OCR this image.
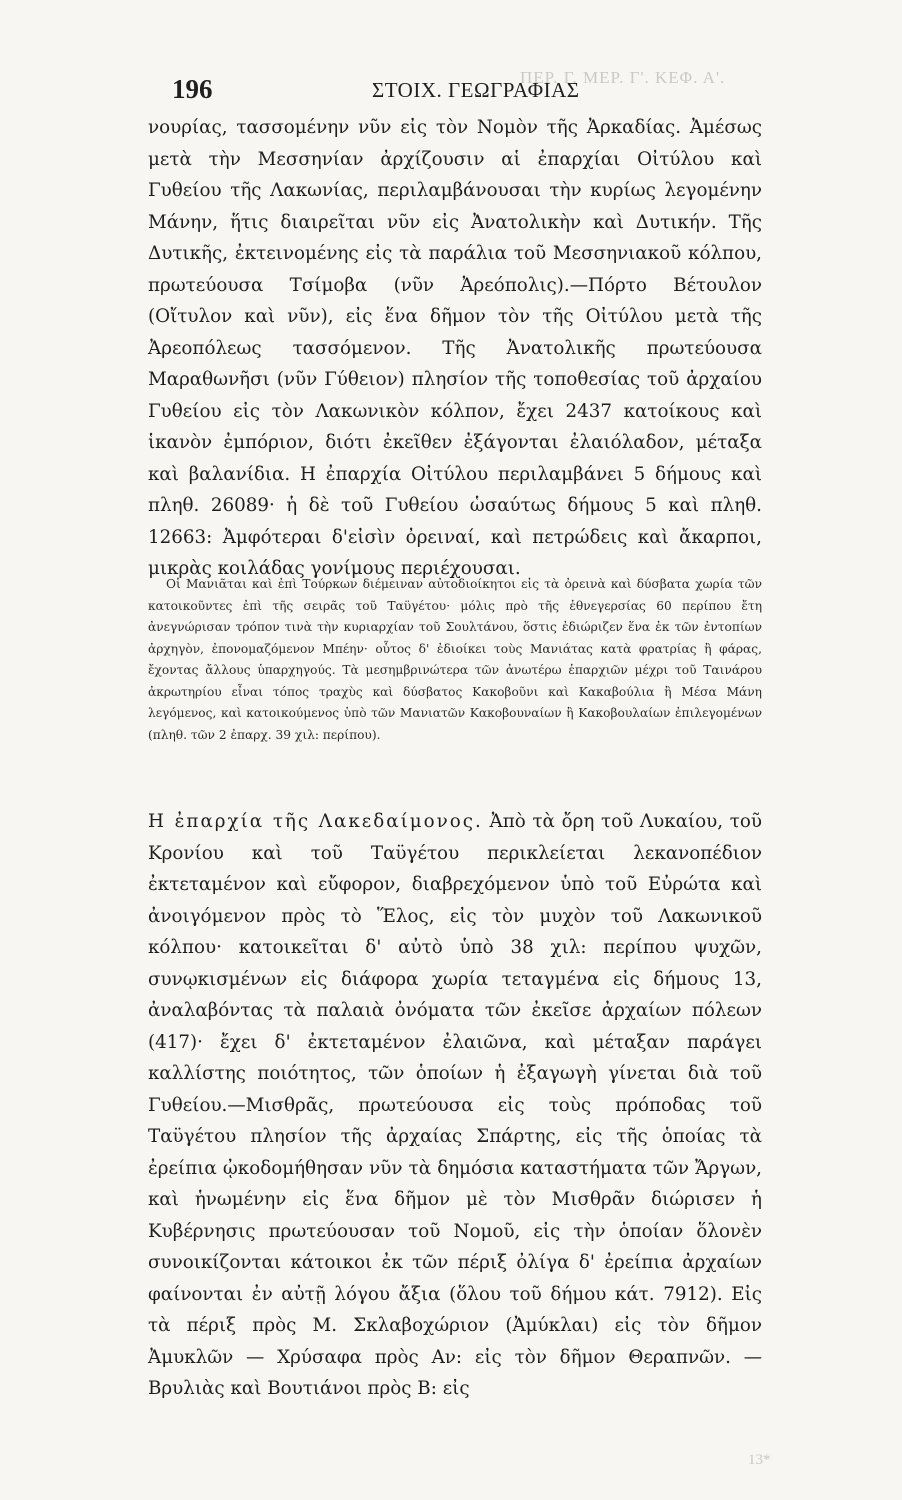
ΠΕΡ. Γ. ΜΕΡ. Γ'. ΚΕΦ. Α'.
196	ΣΤΟΙΧ. ΓΕΩΓΡΑΦΙΑΣ

νουρίας, τασσομένην νῦν εἰς τὸν Νομὸν τῆς Ἀρκαδίας. Ἀμέσως μετὰ τὴν Μεσσηνίαν ἀρχίζουσιν αἱ ἐπαρχίαι Οἰτύλου καὶ Γυθείου τῆς Λακωνίας, περιλαμβάνουσαι τὴν κυρίως λεγομένην Μάνην, ἥτις διαιρεῖται νῦν εἰς Ἀνατολικὴν καὶ Δυτικήν. Τῆς Δυτικῆς, ἐκτεινομένης εἰς τὰ παράλια τοῦ Μεσσηνιακοῦ κόλπου, πρωτεύουσα Τσίμοβα (νῦν Ἀρεόπολις).—Πόρτο Βέτουλον (Οἴτυλον καὶ νῦν), εἰς ἕνα δῆμον τὸν τῆς Οἰτύλου μετὰ τῆς Ἀρεοπόλεως τασσόμενον. Τῆς Ἀνατολικῆς πρωτεύουσα Μαραθωνῆσι (νῦν Γύθειον) πλησίον τῆς τοποθεσίας τοῦ ἀρχαίου Γυθείου εἰς τὸν Λακωνικὸν κόλπον, ἔχει 2437 κατοίκους καὶ ἱκανὸν ἐμπόριον, διότι ἐκεῖθεν ἐξάγονται ἐλαιόλαδον, μέταξα καὶ βαλανίδια. Η ἐπαρχία Οἰτύλου περιλαμβάνει 5 δήμους καὶ πληθ. 26089· ἡ δὲ τοῦ Γυθείου ὡσαύτως δήμους 5 καὶ πληθ. 12663: Ἀμφότεραι δ'εἰσὶν ὀρειναί, καὶ πετρώδεις καὶ ἄκαρποι, μικρὰς κοιλάδας γονίμους περιέχουσαι.

Οἱ Μανιᾶται καὶ ἐπὶ Τούρκων διέμειναν αὐτοδιοίκητοι εἰς τὰ ὀρεινὰ καὶ δύσβατα χωρία τῶν κατοικοῦντες ἐπὶ τῆς σειρᾶς τοῦ Ταϋγέτου· μόλις πρὸ τῆς ἐθνεγερσίας 60 περίπου ἔτη ἀνεγνώρισαν τρόπον τινὰ τὴν κυριαρχίαν τοῦ Σουλτάνου, ὅστις ἐδιώριζεν ἕνα ἐκ τῶν ἐντοπίων ἀρχηγὸν, ἐπονομαζόμενον Μπέην· οὗτος δ' ἐδιοίκει τοὺς Μανιάτας κατὰ φρατρίας ἢ φάρας, ἔχοντας ἄλλους ὑπαρχηγούς. Τὰ μεσημβρινώτερα τῶν ἀνωτέρω ἐπαρχιῶν μέχρι τοῦ Ταινάρου ἀκρωτηρίου εἶναι τόπος τραχὺς καὶ δύσβατος Κακοβοῦνι καὶ Κακαβούλια ἢ Μέσα Μάνη λεγόμενος, καὶ κατοικούμενος ὑπὸ τῶν Μανιατῶν Κακοβουναίων ἢ Κακοβουλαίων ἐπιλεγομένων (πληθ. τῶν 2 ἐπαρχ. 39 χιλ: περίπου).

Η ἐπαρχία τῆς Λακεδαίμονος. Ἀπὸ τὰ ὄρη τοῦ Λυκαίου, τοῦ Κρονίου καὶ τοῦ Ταϋγέτου περικλείεται λεκανοπέδιον ἐκτεταμένον καὶ εὔφορον, διαβρεχόμενον ὑπὸ τοῦ Εὐρώτα καὶ ἀνοιγόμενον πρὸς τὸ Ἕλος, εἰς τὸν μυχὸν τοῦ Λακωνικοῦ κόλπου· κατοικεῖται δ' αὐτὸ ὑπὸ 38 χιλ: περίπου ψυχῶν, συνῳκισμένων εἰς διάφορα χωρία τεταγμένα εἰς δήμους 13, ἀναλαβόντας τὰ παλαιὰ ὀνόματα τῶν ἐκεῖσε ἀρχαίων πόλεων (417)· ἔχει δ' ἐκτεταμένον ἐλαιῶνα, καὶ μέταξαν παράγει καλλίστης ποιότητος, τῶν ὁποίων ἡ ἐξαγωγὴ γίνεται διὰ τοῦ Γυθείου.—Μισθρᾶς, πρωτεύουσα εἰς τοὺς πρόποδας τοῦ Ταϋγέτου πλησίον τῆς ἀρχαίας Σπάρτης, εἰς τῆς ὁποίας τὰ ἐρείπια ᾠκοδομήθησαν νῦν τὰ δημόσια καταστήματα τῶν Ἄργων, καὶ ἡνωμένην εἰς ἕνα δῆμον μὲ τὸν Μισθρᾶν διώρισεν ἡ Κυβέρνησις πρωτεύουσαν τοῦ Νομοῦ, εἰς τὴν ὁποίαν ὅλονὲν συνοικίζονται κάτοικοι ἐκ τῶν πέριξ ὀλίγα δ' ἐρείπια ἀρχαίων φαίνονται ἐν αὐτῇ λόγου ἄξια (ὅλου τοῦ δήμου κάτ. 7912). Εἰς τὰ πέριξ πρὸς Μ. Σκλαβοχώριον (Ἀμύκλαι) εἰς τὸν δῆμον Ἀμυκλῶν — Χρύσαφα πρὸς Αν: εἰς τὸν δῆμον Θεραπνῶν. — Βρυλιὰς καὶ Βουτιάνοι πρὸς Β: εἰς

13*
